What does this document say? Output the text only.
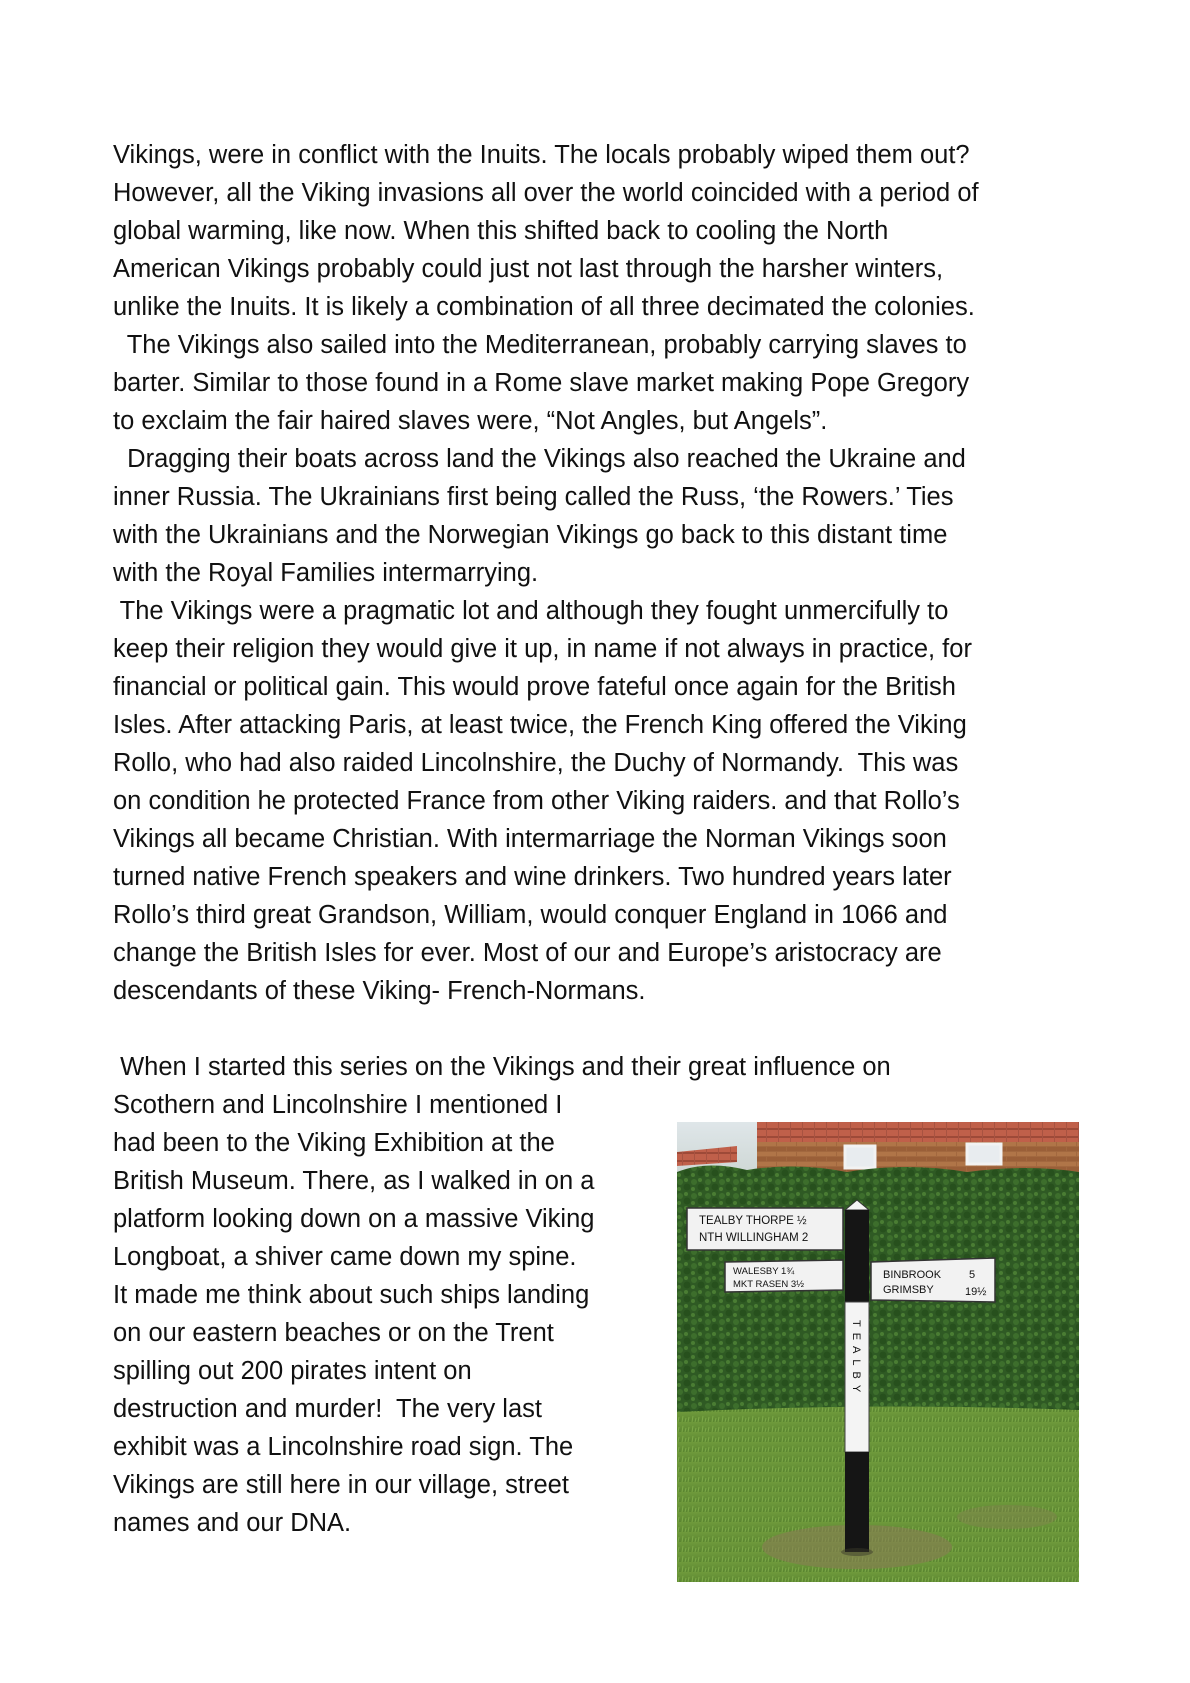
Vikings, were in conflict with the Inuits. The locals probably wiped them out?
However, all the Viking invasions all over the world coincided with a period of
global warming, like now. When this shifted back to cooling the North
American Vikings probably could just not last through the harsher winters,
unlike the Inuits. It is likely a combination of all three decimated the colonies.
The Vikings also sailed into the Mediterranean, probably carrying slaves to
barter. Similar to those found in a Rome slave market making Pope Gregory
to exclaim the fair haired slaves were, “Not Angles, but Angels”.
Dragging their boats across land the Vikings also reached the Ukraine and
inner Russia. The Ukrainians first being called the Russ, ‘the Rowers.’ Ties
with the Ukrainians and the Norwegian Vikings go back to this distant time
with the Royal Families intermarrying.
The Vikings were a pragmatic lot and although they fought unmercifully to
keep their religion they would give it up, in name if not always in practice, for
financial or political gain. This would prove fateful once again for the British
Isles. After attacking Paris, at least twice, the French King offered the Viking
Rollo, who had also raided Lincolnshire, the Duchy of Normandy.  This was
on condition he protected France from other Viking raiders. and that Rollo’s
Vikings all became Christian. With intermarriage the Norman Vikings soon
turned native French speakers and wine drinkers. Two hundred years later
Rollo’s third great Grandson, William, would conquer England in 1066 and
change the British Isles for ever. Most of our and Europe’s aristocracy are
descendants of these Viking- French-Normans.
When I started this series on the Vikings and their great influence on
Scothern and Lincolnshire I mentioned I
had been to the Viking Exhibition at the
British Museum. There, as I walked in on a
platform looking down on a massive Viking
Longboat, a shiver came down my spine.
It made me think about such ships landing
on our eastern beaches or on the Trent
spilling out 200 pirates intent on
destruction and murder!  The very last
exhibit was a Lincolnshire road sign. The
Vikings are still here in our village, street
names and our DNA.
TEALBY THORPE ½
NTH WILLINGHAM 2
WALESBY 1¾
MKT RASEN 3½
BINBROOK
GRIMSBY
5
19½
TEALBY
